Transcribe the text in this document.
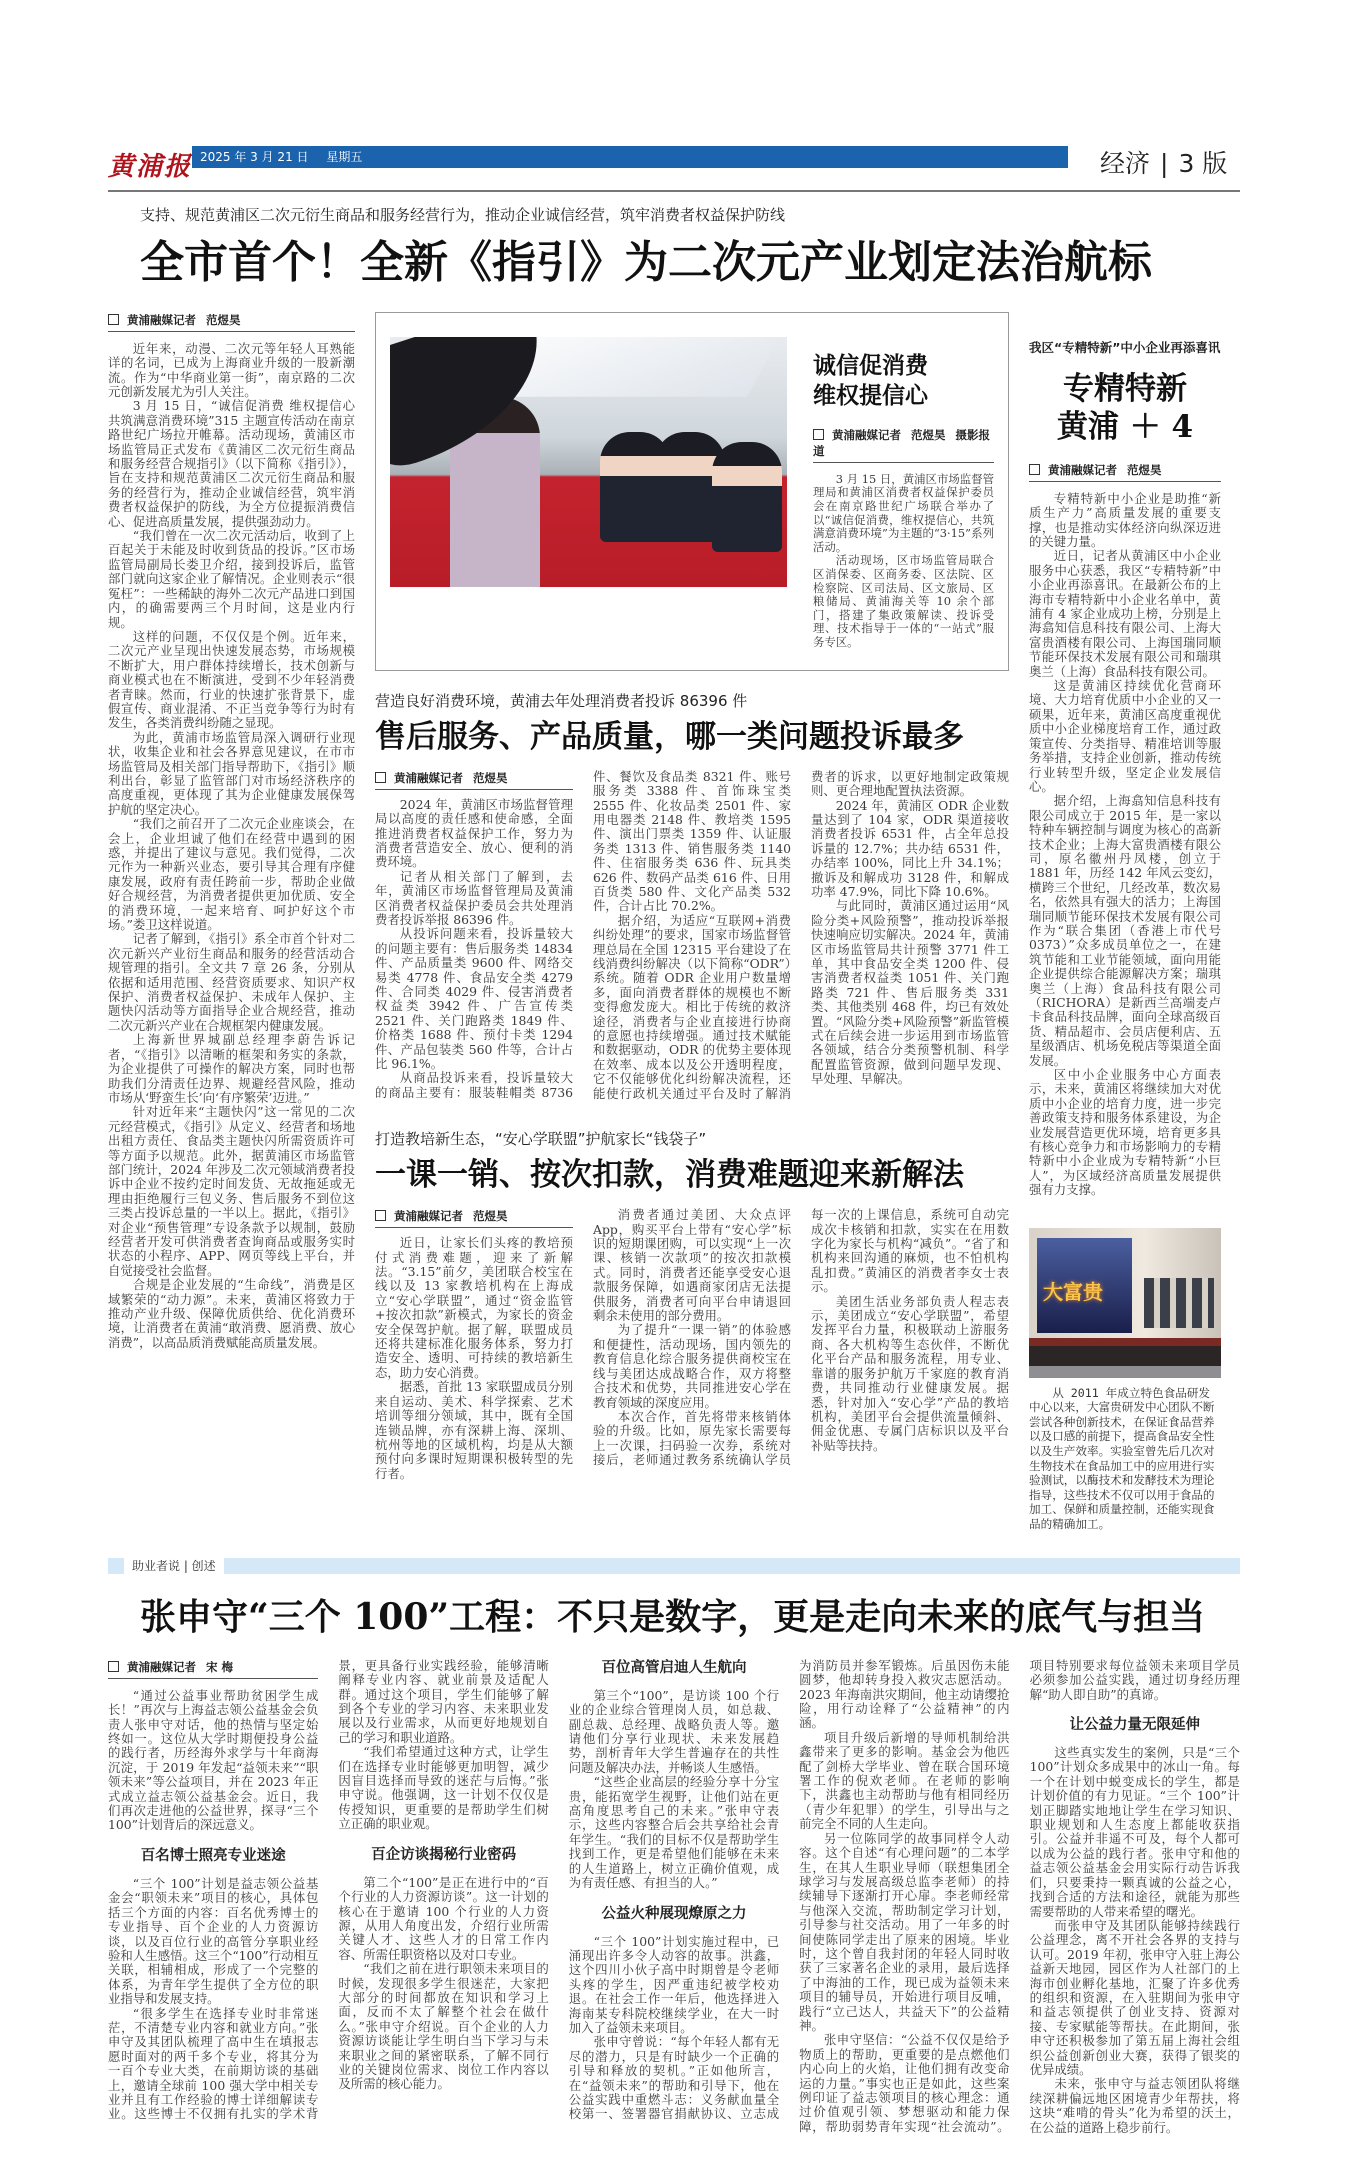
黄浦报 2025 年 3 月 21 日 星期五	经济 | 3 版
支持、规范黄浦区二次元衍生商品和服务经营行为，推动企业诚信经营，筑牢消费者权益保护防线
全市首个！全新《指引》为二次元产业划定法治航标
黄浦融媒记者 范煜昊

近年来，动漫、二次元等年轻人耳熟能详的名词，已成为上海商业升级的一股新潮流。作为“中华商业第一街”，南京路的二次元创新发展尤为引人关注。

3 月 15 日，“诚信促消费 维权提信心 共筑满意消费环境”315 主题宣传活动在南京路世纪广场拉开帷幕。活动现场，黄浦区市场监管局正式发布《黄浦区二次元衍生商品和服务经营合规指引》（以下简称《指引》），旨在支持和规范黄浦区二次元衍生商品和服务的经营行为，推动企业诚信经营，筑牢消费者权益保护的防线，为全方位提振消费信心、促进高质量发展，提供强劲动力。

“我们曾在一次二次元活动后，收到了上百起关于未能及时收到货品的投诉。”区市场监管局副局长娄卫介绍，接到投诉后，监管部门就向这家企业了解情况。企业则表示“很冤枉”：一些稀缺的海外二次元产品进口到国内，的确需要两三个月时间，这是业内行规。

这样的问题，不仅仅是个例。近年来，二次元产业呈现出快速发展态势，市场规模不断扩大，用户群体持续增长，技术创新与商业模式也在不断演进，受到不少年轻消费者青睐。然而，行业的快速扩张背景下，虚假宣传、商业混淆、不正当竞争等行为时有发生，各类消费纠纷随之显现。

为此，黄浦市场监管局深入调研行业现状，收集企业和社会各界意见建议，在市市场监管局及相关部门指导帮助下，《指引》顺利出台，彰显了监管部门对市场经济秩序的高度重视，更体现了其为企业健康发展保驾护航的坚定决心。

“我们之前召开了二次元企业座谈会，在会上，企业坦诚了他们在经营中遇到的困惑，并提出了建议与意见。我们觉得，二次元作为一种新兴业态，要引导其合理有序健康发展，政府有责任跨前一步，帮助企业做好合规经营，为消费者提供更加优质、安全的消费环境，一起来培育、呵护好这个市场。”娄卫这样说道。

记者了解到，《指引》系全市首个针对二次元新兴产业衍生商品和服务的经营活动合规管理的指引。全文共 7 章 26 条，分别从依据和适用范围、经营资质要求、知识产权保护、消费者权益保护、未成年人保护、主题快闪活动等方面指导企业合规经营，推动二次元新兴产业在合规框架内健康发展。

上海新世界城副总经理李蔚告诉记者，“《指引》以清晰的框架和务实的条款，为企业提供了可操作的解决方案，同时也帮助我们分清责任边界、规避经营风险，推动市场从‘野蛮生长’向‘有序繁荣’迈进。”

针对近年来“主题快闪”这一常见的二次元经营模式，《指引》从定义、经营者和场地出租方责任、食品类主题快闪所需资质许可等方面予以规范。此外，据黄浦区市场监管部门统计，2024 年涉及二次元领域消费者投诉中企业不按约定时间发货、无故拖延或无理由拒绝履行三包义务、售后服务不到位这三类占投诉总量的一半以上。据此，《指引》对企业“预售管理”专设条款予以规制，鼓励经营者开发可供消费者查询商品或服务实时状态的小程序、APP、网页等线上平台，并自觉接受社会监督。

合规是企业发展的“生命线”，消费是区域繁荣的“动力源”。未来，黄浦区将致力于推动产业升级、保障优质供给、优化消费环境，让消费者在黄浦“敢消费、愿消费、放心消费”，以高品质消费赋能高质量发展。

诚信促消费
维权提信心
黄浦融媒记者 范煜昊 摄影报道

3 月 15 日，黄浦区市场监督管理局和黄浦区消费者权益保护委员会在南京路世纪广场联合举办了以“诚信促消费，维权提信心，共筑满意消费环境”为主题的“3·15”系列活动。

活动现场，区市场监管局联合区消保委、区商务委、区法院、区检察院、区司法局、区文旅局、区粮储局、黄浦海关等 10 余个部门，搭建了集政策解读、投诉受理、技术指导于一体的“一站式”服务专区。

营造良好消费环境，黄浦去年处理消费者投诉 86396 件
售后服务、产品质量，哪一类问题投诉最多
黄浦融媒记者 范煜昊

2024 年，黄浦区市场监督管理局以高度的责任感和使命感，全面推进消费者权益保护工作，努力为消费者营造安全、放心、便利的消费环境。

记者从相关部门了解到，去年，黄浦区市场监督管理局及黄浦区消费者权益保护委员会共处理消费者投诉举报 86396 件。

从投诉问题来看，投诉量较大的问题主要有：售后服务类 14834 件、产品质量类 9600 件、网络交易类 4778 件、食品安全类 4279 件、合同类 4029 件、侵害消费者权益类 3942 件、广告宣传类 2521 件、关门跑路类 1849 件、价格类 1688 件、预付卡类 1294 件、产品包装类 560 件等，合计占比 96.1%。

从商品投诉来看，投诉量较大的商品主要有：服装鞋帽类 8736 件、餐饮及食品类 8321 件、账号服务类 3388 件、首饰珠宝类 2555 件、化妆品类 2501 件、家用电器类 2148 件、教培类 1595 件、演出门票类 1359 件、认证服务类 1313 件、销售服务类 1140 件、住宿服务类 636 件、玩具类 626 件、数码产品类 616 件、日用百货类 580 件、文化产品类 532 件，合计占比 70.2%。

据介绍，为适应“互联网+消费纠纷处理”的要求，国家市场监督管理总局在全国 12315 平台建设了在线消费纠纷解决（以下简称“ODR”）系统。随着 ODR 企业用户数量增多，面向消费者群体的规模也不断变得愈发庞大。相比于传统的救济途径，消费者与企业直接进行协商的意愿也持续增强。通过技术赋能和数据驱动，ODR 的优势主要体现在效率、成本以及公开透明程度，它不仅能够优化纠纷解决流程，还能使行政机关通过平台及时了解消费者的诉求，以更好地制定政策规则、更合理地配置执法资源。

2024 年，黄浦区 ODR 企业数量达到了 104 家，ODR 渠道接收消费者投诉 6531 件，占全年总投诉量的 12.7%；共办结 6531 件，办结率 100%，同比上升 34.1%；撤诉及和解成功 3128 件，和解成功率 47.9%，同比下降 10.6%。

与此同时，黄浦区通过运用“风险分类+风险预警”，推动投诉举报快速响应切实解决。2024 年，黄浦区市场监管局共计预警 3771 件工单，其中食品安全类 1200 件、侵害消费者权益类 1051 件、关门跑路类 721 件、售后服务类 331 类、其他类别 468 件，均已有效处置。“风险分类+风险预警”新监管模式在后续会进一步运用到市场监管各领域，结合分类预警机制、科学配置监管资源，做到问题早发现、早处理、早解决。

打造教培新生态，“安心学联盟”护航家长“钱袋子”
一课一销、按次扣款，消费难题迎来新解法
黄浦融媒记者 范煜昊

近日，让家长们头疼的教培预付式消费难题，迎来了新解法。“3.15”前夕，美团联合校宝在线以及 13 家教培机构在上海成立“安心学联盟”，通过“资金监管+按次扣款”新模式，为家长的资金安全保驾护航。据了解，联盟成员还将共建标准化服务体系，努力打造安全、透明、可持续的教培新生态，助力安心消费。

据悉，首批 13 家联盟成员分别来自运动、美术、科学探索、艺术培训等细分领域，其中，既有全国连锁品牌，亦有深耕上海、深圳、杭州等地的区域机构，均是从大额预付向多课时短期课积极转型的先行者。

消费者通过美团、大众点评 App，购买平台上带有“安心学”标识的短期课团购，可以实现“上一次课、核销一次款项”的按次扣款模式。同时，消费者还能享受安心退款服务保障，如遇商家闭店无法提供服务，消费者可向平台申请退回剩余未使用的部分费用。

为了提升“一课一销”的体验感和便捷性，活动现场，国内领先的教育信息化综合服务提供商校宝在线与美团达成战略合作，双方将整合技术和优势，共同推进安心学在教育领域的深度应用。

本次合作，首先将带来核销体验的升级。比如，原先家长需要每上一次课，扫码验一次券，系统对接后，老师通过教务系统确认学员每一次的上课信息，系统可自动完成次卡核销和扣款，实实在在用数字化为家长与机构“减负”。“省了和机构来回沟通的麻烦，也不怕机构乱扣费。”黄浦区的消费者李女士表示。

美团生活业务部负责人程志表示，美团成立“安心学联盟”，希望发挥平台力量，积极联动上游服务商、各大机构等生态伙伴，不断优化平台产品和服务流程，用专业、靠谱的服务护航万千家庭的教育消费，共同推动行业健康发展。据悉，针对加入“安心学”产品的教培机构，美团平台会提供流量倾斜、佣金优惠、专属门店标识以及平台补贴等扶持。

我区“专精特新”中小企业再添喜讯
专精特新
黄浦 ＋ 4
黄浦融媒记者 范煜昊

专精特新中小企业是助推“新质生产力”高质量发展的重要支撑，也是推动实体经济向纵深迈进的关键力量。

近日，记者从黄浦区中小企业服务中心获悉，我区“专精特新”中小企业再添喜讯。在最新公布的上海市专精特新中小企业名单中，黄浦有 4 家企业成功上榜，分别是上海翕知信息科技有限公司、上海大富贵酒楼有限公司、上海国瑞同顺节能环保技术发展有限公司和瑞琪奥兰（上海）食品科技有限公司。

这是黄浦区持续优化营商环境、大力培育优质中小企业的又一硕果，近年来，黄浦区高度重视优质中小企业梯度培育工作，通过政策宣传、分类指导、精准培训等服务举措，支持企业创新，推动传统行业转型升级，坚定企业发展信心。

据介绍，上海翕知信息科技有限公司成立于 2015 年，是一家以特种车辆控制与调度为核心的高新技术企业；上海大富贵酒楼有限公司，原名徽州丹凤楼，创立于 1881 年，历经 142 年风云变幻，横跨三个世纪，几经改革，数次易名，依然具有强大的活力；上海国瑞同顺节能环保技术发展有限公司作为“联合集团（香港上市代号 0373）”众多成员单位之一，在建筑节能和工业节能领域，面向用能企业提供综合能源解决方案；瑞琪奥兰（上海）食品科技有限公司（RICHORA）是新西兰高端麦卢卡食品科技品牌，面向全球高级百货、精品超市、会员店便利店、五星级酒店、机场免税店等渠道全面发展。

区中小企业服务中心方面表示，未来，黄浦区将继续加大对优质中小企业的培育力度，进一步完善政策支持和服务体系建设，为企业发展营造更优环境，培育更多具有核心竞争力和市场影响力的专精特新中小企业成为专精特新“小巨人”，为区域经济高质量发展提供强有力支撑。

大富贵

从 2011 年成立特色食品研发中心以来，大富贵研发中心团队不断尝试各种创新技术，在保证食品营养以及口感的前提下，提高食品安全性以及生产效率。实验室曾先后几次对生物技术在食品加工中的应用进行实验测试，以酶技术和发酵技术为理论指导，这些技术不仅可以用于食品的加工、保鲜和质量控制，还能实现食品的精确加工。

助业者说 | 创述
张申守“三个 100”工程：不只是数字，更是走向未来的底气与担当
黄浦融媒记者 宋 梅

“通过公益事业帮助贫困学生成长！”再次与上海益志领公益基金会负责人张申守对话，他的热情与坚定始终如一。这位从大学时期便投身公益的践行者，历经海外求学与十年商海沉淀，于 2019 年发起“益领未来”“职领未来”等公益项目，并在 2023 年正式成立益志领公益基金会。近日，我们再次走进他的公益世界，探寻“三个 100”计划背后的深远意义。

百名博士照亮专业迷途

“三个 100”计划是益志领公益基金会“职领未来”项目的核心，具体包括三个方面的内容：百名优秀博士的专业指导、百个企业的人力资源访谈，以及百位行业的高管分享职业经验和人生感悟。这三个“100”行动相互关联，相辅相成，形成了一个完整的体系，为青年学生提供了全方位的职业指导和发展支持。

“很多学生在选择专业时非常迷茫，不清楚专业内容和就业方向。”张申守及其团队梳理了高中生在填报志愿时面对的两千多个专业，将其分为一百个专业大类，在前期访谈的基础上，邀请全球前 100 强大学中相关专业并且有工作经验的博士详细解读专业。这些博士不仅拥有扎实的学术背景，更具备行业实践经验，能够清晰阐释专业内容、就业前景及适配人群。通过这个项目，学生们能够了解到各个专业的学习内容、未来职业发展以及行业需求，从而更好地规划自己的学习和职业道路。

“我们希望通过这种方式，让学生们在选择专业时能够更加明智，减少因盲目选择而导致的迷茫与后悔。”张申守说。他强调，这一计划不仅仅是传授知识，更重要的是帮助学生们树立正确的职业观。

百企访谈揭秘行业密码

第二个“100”是正在进行中的“百个行业的人力资源访谈”。这一计划的核心在于邀请 100 个行业的人力资源，从用人角度出发，介绍行业所需关键人才、这些人才的日常工作内容、所需任职资格以及对口专业。

“我们之前在进行职领未来项目的时候，发现很多学生很迷茫，大家把大部分的时间都放在知识和学习上面，反而不太了解整个社会在做什么。”张申守介绍说。百个企业的人力资源访谈能让学生明白当下学习与未来职业之间的紧密联系，了解不同行业的关键岗位需求、岗位工作内容以及所需的核心能力。

百位高管启迪人生航向

第三个“100”，是访谈 100 个行业的企业综合管理岗人员，如总裁、副总裁、总经理、战略负责人等。邀请他们分享行业现状、未来发展趋势，剖析青年大学生普遍存在的共性问题及解决办法，并畅谈人生感悟。

“这些企业高层的经验分享十分宝贵，能拓宽学生视野，让他们站在更高角度思考自己的未来。”张申守表示，这些内容整合后会共享给社会青年学生。“我们的目标不仅是帮助学生找到工作，更是希望他们能够在未来的人生道路上，树立正确价值观，成为有责任感、有担当的人。”

公益火种展现燎原之力

“三个 100”计划实施过程中，已涌现出许多令人动容的故事。洪鑫，这个四川小伙子高中时期曾是令老师头疼的学生，因严重违纪被学校劝退。在社会工作一年后，他选择进入海南某专科院校继续学业，在大一时加入了益领未来项目。

张申守曾说：“每个年轻人都有无尽的潜力，只是有时缺少一个正确的引导和释放的契机。”正如他所言，在“益领未来”的帮助和引导下，他在公益实践中重燃斗志：义务献血量全校第一、签署器官捐献协议、立志成为消防员并参军锻炼。后虽因伤未能圆梦，他却转身投入救灾志愿活动。2023 年海南洪灾期间，他主动请缨抢险，用行动诠释了“公益精神”的内涵。

项目升级后新增的导师机制给洪鑫带来了更多的影响。基金会为他匹配了剑桥大学毕业、曾在联合国环境署工作的倪欢老师。在老师的影响下，洪鑫也主动帮助与他有相同经历（青少年犯罪）的学生，引导出与之前完全不同的人生走向。

另一位陈同学的故事同样令人动容。这个自述“有心理问题”的二本学生，在其人生职业导师（联想集团全球学习与发展高级总监李老师）的持续辅导下逐渐打开心扉。李老师经常与他深入交流，帮助制定学习计划，引导参与社交活动。用了一年多的时间使陈同学走出了原来的困境。毕业时，这个曾自我封闭的年轻人同时收获了三家著名企业的录用，最后选择了中海油的工作，现已成为益领未来项目的辅导员，开始进行项目反哺，践行“立己达人，共益天下”的公益精神。

张申守坚信：“公益不仅仅是给予物质上的帮助，更重要的是点燃他们内心向上的火焰，让他们拥有改变命运的力量。”事实也正是如此，这些案例印证了益志领项目的核心理念：通过价值观引领、梦想驱动和能力保障，帮助弱势青年实现“社会流动”。项目特别要求每位益领未来项目学员必须参加公益实践，通过切身经历理解“助人即自助”的真谛。

让公益力量无限延伸

这些真实发生的案例，只是“三个 100”计划众多成果中的冰山一角。每一个在计划中蜕变成长的学生，都是计划价值的有力见证。“三个 100”计划正脚踏实地地让学生在学习知识、职业规划和人生态度上都能收获指引。公益并非遥不可及，每个人都可以成为公益的践行者。张申守和他的益志领公益基金会用实际行动告诉我们，只要秉持一颗真诚的公益之心，找到合适的方法和途径，就能为那些需要帮助的人带来希望的曙光。

而张申守及其团队能够持续践行公益理念，离不开社会各界的支持与认可。2019 年初，张申守入驻上海公益新天地园，园区作为人社部门的上海市创业孵化基地，汇聚了许多优秀的组织和资源，在入驻期间为张申守和益志领提供了创业支持、资源对接、专家赋能等帮扶。在此期间，张申守还积极参加了第五届上海社会组织公益创新创业大赛，获得了银奖的优异成绩。

未来，张申守与益志领团队将继续深耕偏远地区困境青少年帮扶，将这块“难啃的骨头”化为希望的沃土，在公益的道路上稳步前行。
